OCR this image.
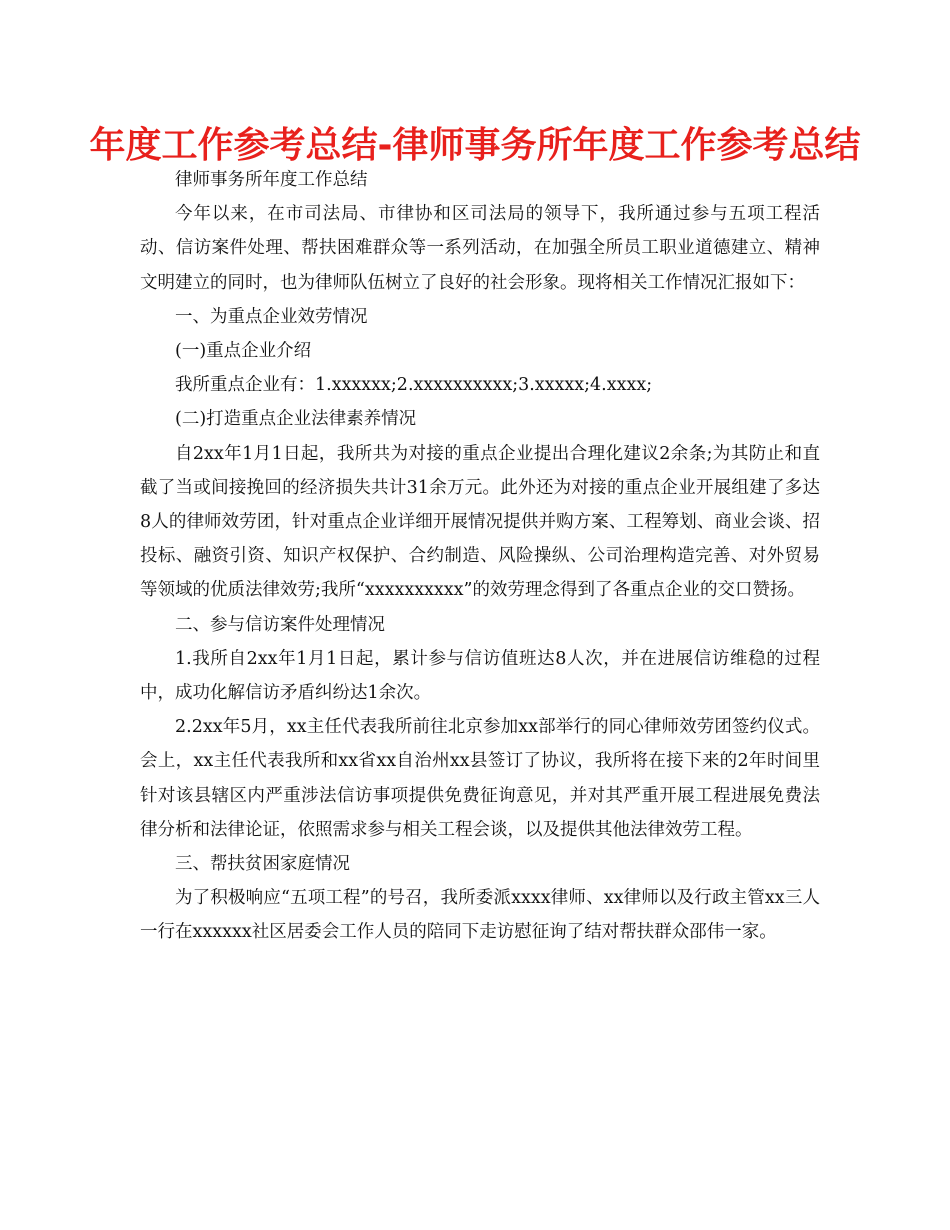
年度工作参考总结-律师事务所年度工作参考总结

律师事务所年度工作总结

今年以来，在市司法局、市律协和区司法局的领导下，我所通过参与五项工程活动、信访案件处理、帮扶困难群众等一系列活动，在加强全所员工职业道德建立、精神文明建立的同时，也为律师队伍树立了良好的社会形象。现将相关工作情况汇报如下：

一、为重点企业效劳情况

(一)重点企业介绍

我所重点企业有：1.xxxxxx;2.xxxxxxxxxx;3.xxxxx;4.xxxx;

(二)打造重点企业法律素养情况

自2xx年1月1日起，我所共为对接的重点企业提出合理化建议2余条;为其防止和直截了当或间接挽回的经济损失共计31余万元。此外还为对接的重点企业开展组建了多达8人的律师效劳团，针对重点企业详细开展情况提供并购方案、工程筹划、商业会谈、招投标、融资引资、知识产权保护、合约制造、风险操纵、公司治理构造完善、对外贸易等领域的优质法律效劳;我所“xxxxxxxxxx”的效劳理念得到了各重点企业的交口赞扬。

二、参与信访案件处理情况

1.我所自2xx年1月1日起，累计参与信访值班达8人次，并在进展信访维稳的过程中，成功化解信访矛盾纠纷达1余次。

2.2xx年5月，xx主任代表我所前往北京参加xx部举行的同心律师效劳团签约仪式。会上，xx主任代表我所和xx省xx自治州xx县签订了协议，我所将在接下来的2年时间里针对该县辖区内严重涉法信访事项提供免费征询意见，并对其严重开展工程进展免费法律分析和法律论证，依照需求参与相关工程会谈，以及提供其他法律效劳工程。

三、帮扶贫困家庭情况

为了积极响应“五项工程”的号召，我所委派xxxx律师、xx律师以及行政主管xx三人一行在xxxxxx社区居委会工作人员的陪同下走访慰征询了结对帮扶群众邵伟一家。
